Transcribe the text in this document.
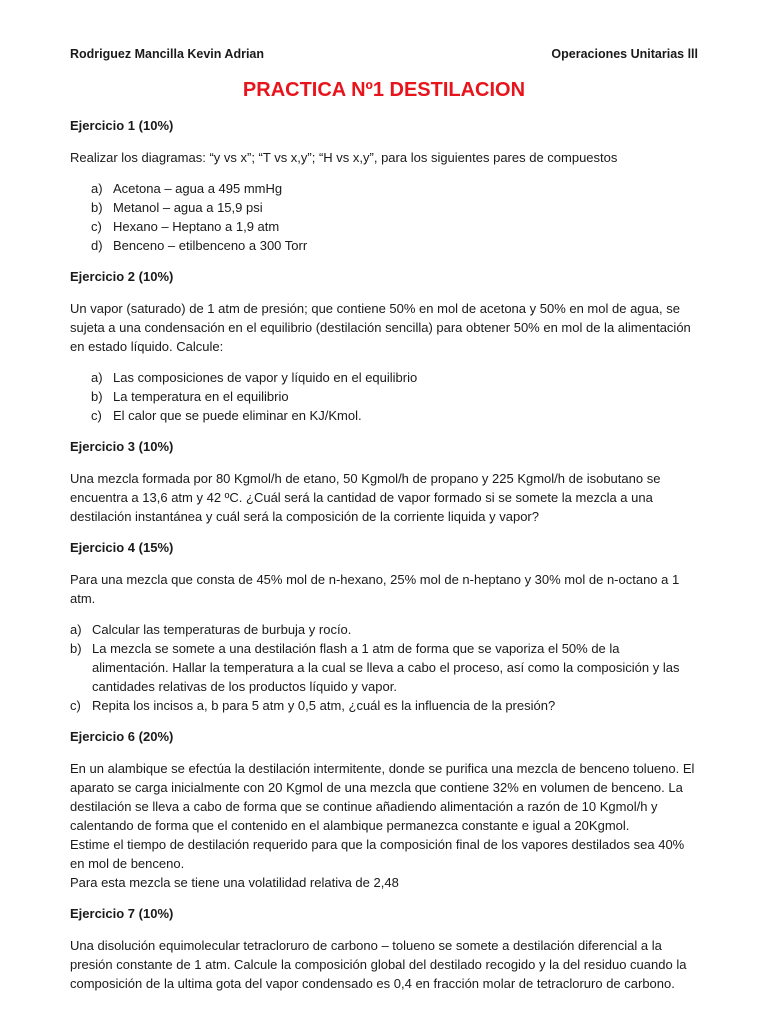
Rodriguez Mancilla Kevin Adrian	Operaciones Unitarias lll
PRACTICA Nº1 DESTILACION
Ejercicio 1 (10%)

Realizar los diagramas: “y vs x”; “T vs x,y”; “H vs x,y”, para los siguientes pares de compuestos

a) Acetona – agua a 495 mmHg
b) Metanol – agua a 15,9 psi
c) Hexano – Heptano a 1,9 atm
d) Benceno – etilbenceno a 300 Torr
Ejercicio 2 (10%)

Un vapor (saturado) de 1 atm de presión; que contiene 50% en mol de acetona y 50% en mol de agua, se sujeta a una condensación en el equilibrio (destilación sencilla) para obtener 50% en mol de la alimentación en estado líquido. Calcule:

a) Las composiciones de vapor y líquido en el equilibrio
b) La temperatura en el equilibrio
c) El calor que se puede eliminar en KJ/Kmol.
Ejercicio 3 (10%)

Una mezcla formada por 80 Kgmol/h de etano, 50 Kgmol/h de propano y 225 Kgmol/h de isobutano se encuentra a 13,6 atm y 42 ºC. ¿Cuál será la cantidad de vapor formado si se somete la mezcla a una destilación instantánea y cuál será la composición de la corriente liquida y vapor?

Ejercicio 4 (15%)

Para una mezcla que consta de 45% mol de n-hexano, 25% mol de n-heptano y 30% mol de n-octano a 1 atm.

a) Calcular las temperaturas de burbuja y rocío.
b) La mezcla se somete a una destilación flash a 1 atm de forma que se vaporiza el 50% de la alimentación. Hallar la temperatura a la cual se lleva a cabo el proceso, así como la composición y las cantidades relativas de los productos líquido y vapor.
c) Repita los incisos a, b para 5 atm y 0,5 atm, ¿cuál es la influencia de la presión?
Ejercicio 6 (20%)
En un alambique se efectúa la destilación intermitente, donde se purifica una mezcla de benceno tolueno. El aparato se carga inicialmente con 20 Kgmol de una mezcla que contiene 32% en volumen de benceno. La destilación se lleva a cabo de forma que se continue añadiendo alimentación a razón de 10 Kgmol/h y calentando de forma que el contenido en el alambique permanezca constante e igual a 20Kgmol.
Estime el tiempo de destilación requerido para que la composición final de los vapores destilados sea 40% en mol de benceno.
Para esta mezcla se tiene una volatilidad relativa de 2,48
Ejercicio 7 (10%)

Una disolución equimolecular tetracloruro de carbono – tolueno se somete a destilación diferencial a la presión constante de 1 atm. Calcule la composición global del destilado recogido y la del residuo cuando la composición de la ultima gota del vapor condensado es 0,4 en fracción molar de tetracloruro de carbono.
